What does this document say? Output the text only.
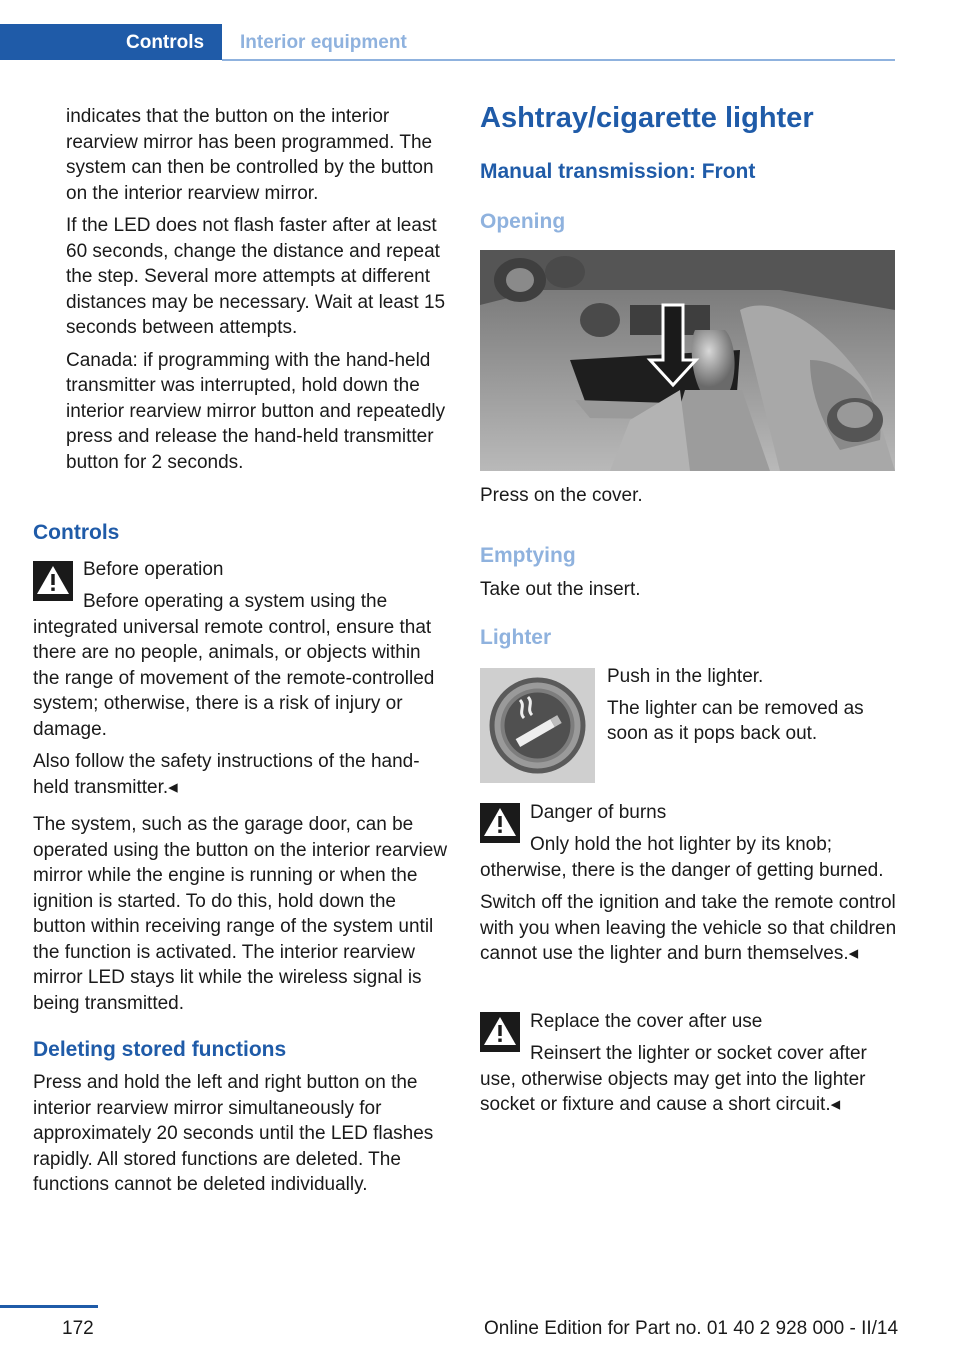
Controls Interior equipment

indicates that the button on the interior rearview mirror has been programmed. The system can then be controlled by the button on the interior rearview mirror.

If the LED does not flash faster after at least 60 seconds, change the distance and repeat the step. Several more attempts at different distances may be necessary. Wait at least 15 seconds between attempts.

Canada: if programming with the hand-held transmitter was interrupted, hold down the interior rearview mirror button and repeatedly press and release the hand-held transmitter button for 2 seconds.

Controls
Before operation

Before operating a system using the integrated universal remote control, ensure that there are no people, animals, or objects within the range of movement of the remote-controlled system; otherwise, there is a risk of injury or damage.

Also follow the safety instructions of the hand-held transmitter.◂

The system, such as the garage door, can be operated using the button on the interior rearview mirror while the engine is running or when the ignition is started. To do this, hold down the button within receiving range of the system until the function is activated. The interior rearview mirror LED stays lit while the wireless signal is being transmitted.

Deleting stored functions

Press and hold the left and right button on the interior rearview mirror simultaneously for approximately 20 seconds until the LED flashes rapidly. All stored functions are deleted. The functions cannot be deleted individually.

Ashtray/cigarette lighter
Manual transmission: Front
Opening
Press on the cover.
Emptying
Take out the insert.
Lighter

Push in the lighter.

The lighter can be removed as soon as it pops back out.

Danger of burns

Only hold the hot lighter by its knob; otherwise, there is the danger of getting burned.

Switch off the ignition and take the remote control with you when leaving the vehicle so that children cannot use the lighter and burn themselves.◂

Replace the cover after use

Reinsert the lighter or socket cover after use, otherwise objects may get into the lighter socket or fixture and cause a short circuit.◂

172	Online Edition for Part no. 01 40 2 928 000 - II/14
